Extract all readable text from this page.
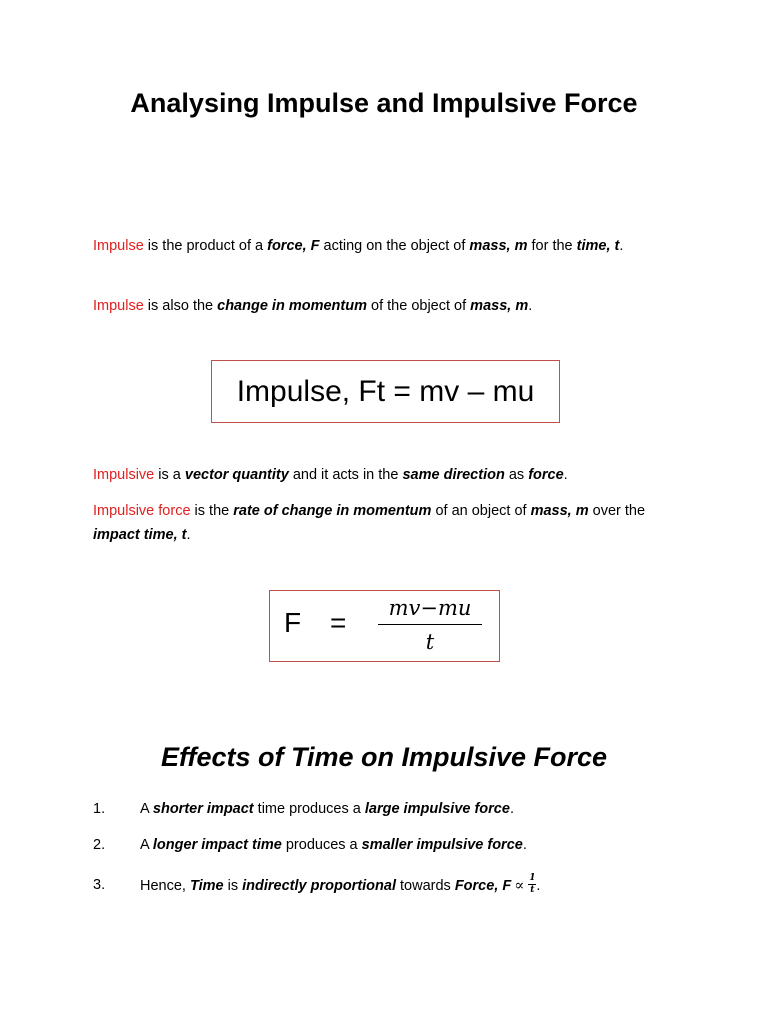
Analysing Impulse and Impulsive Force

Impulse is the product of a force, F acting on the object of mass, m for the time, t.

Impulse is also the change in momentum of the object of mass, m.

Impulse, Ft = mv – mu

Impulsive is a vector quantity and it acts in the same direction as force.

Impulsive force is the rate of change in momentum of an object of mass, m over the impact time, t.

F =	mv−mu
t
Effects of Time on Impulsive Force
1. A shorter impact time produces a large impulsive force.
2. A longer impact time produces a smaller impulsive force.
3. Hence, Time is indirectly proportional towards Force, $F \propto \frac{1}{t}$ .
